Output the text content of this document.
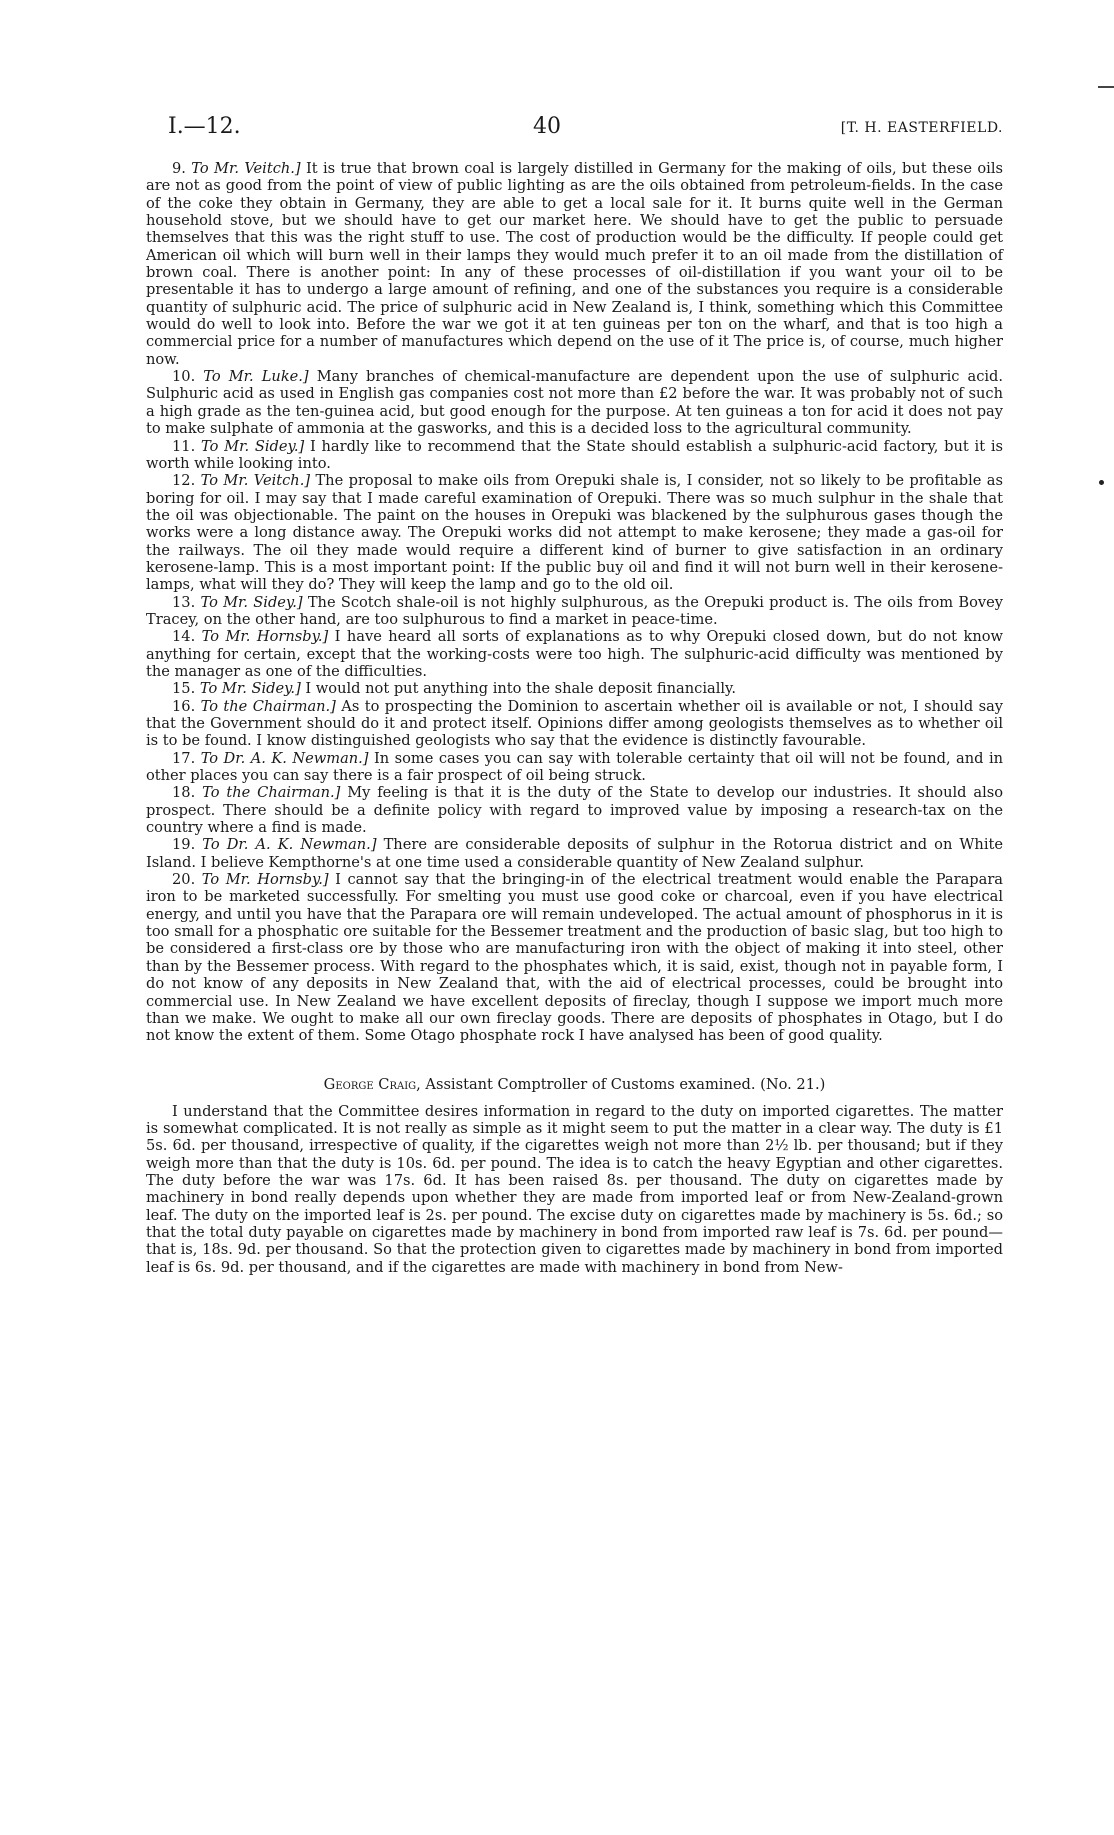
I.—12.	40	[T. H. EASTERFIELD.

9. To Mr. Veitch.] It is true that brown coal is largely distilled in Germany for the making of oils, but these oils are not as good from the point of view of public lighting as are the oils obtained from petroleum-fields. In the case of the coke they obtain in Germany, they are able to get a local sale for it. It burns quite well in the German household stove, but we should have to get our market here. We should have to get the public to persuade themselves that this was the right stuff to use. The cost of production would be the difficulty. If people could get American oil which will burn well in their lamps they would much prefer it to an oil made from the distillation of brown coal. There is another point: In any of these processes of oil-distillation if you want your oil to be presentable it has to undergo a large amount of refining, and one of the substances you require is a considerable quantity of sulphuric acid. The price of sulphuric acid in New Zealand is, I think, something which this Committee would do well to look into. Before the war we got it at ten guineas per ton on the wharf, and that is too high a commercial price for a number of manufactures which depend on the use of it The price is, of course, much higher now.

10. To Mr. Luke.] Many branches of chemical-manufacture are dependent upon the use of sulphuric acid. Sulphuric acid as used in English gas companies cost not more than £2 before the war. It was probably not of such a high grade as the ten-guinea acid, but good enough for the purpose. At ten guineas a ton for acid it does not pay to make sulphate of ammonia at the gasworks, and this is a decided loss to the agricultural community.

11. To Mr. Sidey.] I hardly like to recommend that the State should establish a sulphuric-acid factory, but it is worth while looking into.

12. To Mr. Veitch.] The proposal to make oils from Orepuki shale is, I consider, not so likely to be profitable as boring for oil. I may say that I made careful examination of Orepuki. There was so much sulphur in the shale that the oil was objectionable. The paint on the houses in Orepuki was blackened by the sulphurous gases though the works were a long distance away. The Orepuki works did not attempt to make kerosene; they made a gas-oil for the railways. The oil they made would require a different kind of burner to give satisfaction in an ordinary kerosene-lamp. This is a most important point: If the public buy oil and find it will not burn well in their kerosene-lamps, what will they do? They will keep the lamp and go to the old oil.

13. To Mr. Sidey.] The Scotch shale-oil is not highly sulphurous, as the Orepuki product is. The oils from Bovey Tracey, on the other hand, are too sulphurous to find a market in peace-time.

14. To Mr. Hornsby.] I have heard all sorts of explanations as to why Orepuki closed down, but do not know anything for certain, except that the working-costs were too high. The sulphuric-acid difficulty was mentioned by the manager as one of the difficulties.

15. To Mr. Sidey.] I would not put anything into the shale deposit financially.

16. To the Chairman.] As to prospecting the Dominion to ascertain whether oil is available or not, I should say that the Government should do it and protect itself. Opinions differ among geologists themselves as to whether oil is to be found. I know distinguished geologists who say that the evidence is distinctly favourable.

17. To Dr. A. K. Newman.] In some cases you can say with tolerable certainty that oil will not be found, and in other places you can say there is a fair prospect of oil being struck.

18. To the Chairman.] My feeling is that it is the duty of the State to develop our industries. It should also prospect. There should be a definite policy with regard to improved value by imposing a research-tax on the country where a find is made.

19. To Dr. A. K. Newman.] There are considerable deposits of sulphur in the Rotorua district and on White Island. I believe Kempthorne's at one time used a considerable quantity of New Zealand sulphur.

20. To Mr. Hornsby.] I cannot say that the bringing-in of the electrical treatment would enable the Parapara iron to be marketed successfully. For smelting you must use good coke or charcoal, even if you have electrical energy, and until you have that the Parapara ore will remain undeveloped. The actual amount of phosphorus in it is too small for a phosphatic ore suitable for the Bessemer treatment and the production of basic slag, but too high to be considered a first-class ore by those who are manufacturing iron with the object of making it into steel, other than by the Bessemer process. With regard to the phosphates which, it is said, exist, though not in payable form, I do not know of any deposits in New Zealand that, with the aid of electrical processes, could be brought into commercial use. In New Zealand we have excellent deposits of fireclay, though I suppose we import much more than we make. We ought to make all our own fireclay goods. There are deposits of phosphates in Otago, but I do not know the extent of them. Some Otago phosphate rock I have analysed has been of good quality.

George Craig, Assistant Comptroller of Customs examined. (No. 21.)

I understand that the Committee desires information in regard to the duty on imported cigarettes. The matter is somewhat complicated. It is not really as simple as it might seem to put the matter in a clear way. The duty is £1 5s. 6d. per thousand, irrespective of quality, if the cigarettes weigh not more than 2½ lb. per thousand; but if they weigh more than that the duty is 10s. 6d. per pound. The idea is to catch the heavy Egyptian and other cigarettes. The duty before the war was 17s. 6d. It has been raised 8s. per thousand. The duty on cigarettes made by machinery in bond really depends upon whether they are made from imported leaf or from New-Zealand-grown leaf. The duty on the imported leaf is 2s. per pound. The excise duty on cigarettes made by machinery is 5s. 6d.; so that the total duty payable on cigarettes made by machinery in bond from imported raw leaf is 7s. 6d. per pound—that is, 18s. 9d. per thousand. So that the protection given to cigarettes made by machinery in bond from imported leaf is 6s. 9d. per thousand, and if the cigarettes are made with machinery in bond from New-
